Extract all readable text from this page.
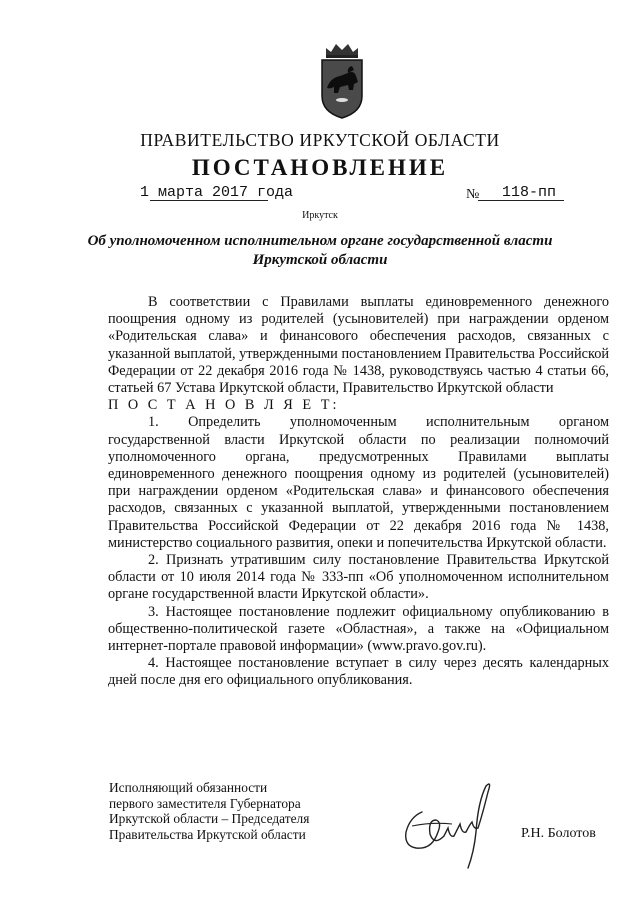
ПРАВИТЕЛЬСТВО ИРКУТСКОЙ ОБЛАСТИ
ПОСТАНОВЛЕНИЕ
1 марта 2017 года	№ 118-пп
Иркутск
Об уполномоченном исполнительном органе государственной власти Иркутской области

В соответствии с Правилами выплаты единовременного денежного поощрения одному из родителей (усыновителей) при награждении орденом «Родительская слава» и финансового обеспечения расходов, связанных с указанной выплатой, утвержденными постановлением Правительства Российской Федерации от 22 декабря 2016 года № 1438, руководствуясь частью 4 статьи 66, статьей 67 Устава Иркутской области, Правительство Иркутской области

П О С Т А Н О В Л Я Е Т:

1. Определить уполномоченным исполнительным органом государственной власти Иркутской области по реализации полномочий уполномоченного органа, предусмотренных Правилами выплаты единовременного денежного поощрения одному из родителей (усыновителей) при награждении орденом «Родительская слава» и финансового обеспечения расходов, связанных с указанной выплатой, утвержденными постановлением Правительства Российской Федерации от 22 декабря 2016 года № 1438, министерство социального развития, опеки и попечительства Иркутской области.

2. Признать утратившим силу постановление Правительства Иркутской области от 10 июля 2014 года № 333-пп «Об уполномоченном исполнительном органе государственной власти Иркутской области».

3. Настоящее постановление подлежит официальному опубликованию в общественно-политической газете «Областная», а также на «Официальном интернет-портале правовой информации» (www.pravo.gov.ru).

4. Настоящее постановление вступает в силу через десять календарных дней после дня его официального опубликования.

Исполняющий обязанности
первого заместителя Губернатора
Иркутской области – Председателя
Правительства Иркутской области	Р.Н. Болотов
